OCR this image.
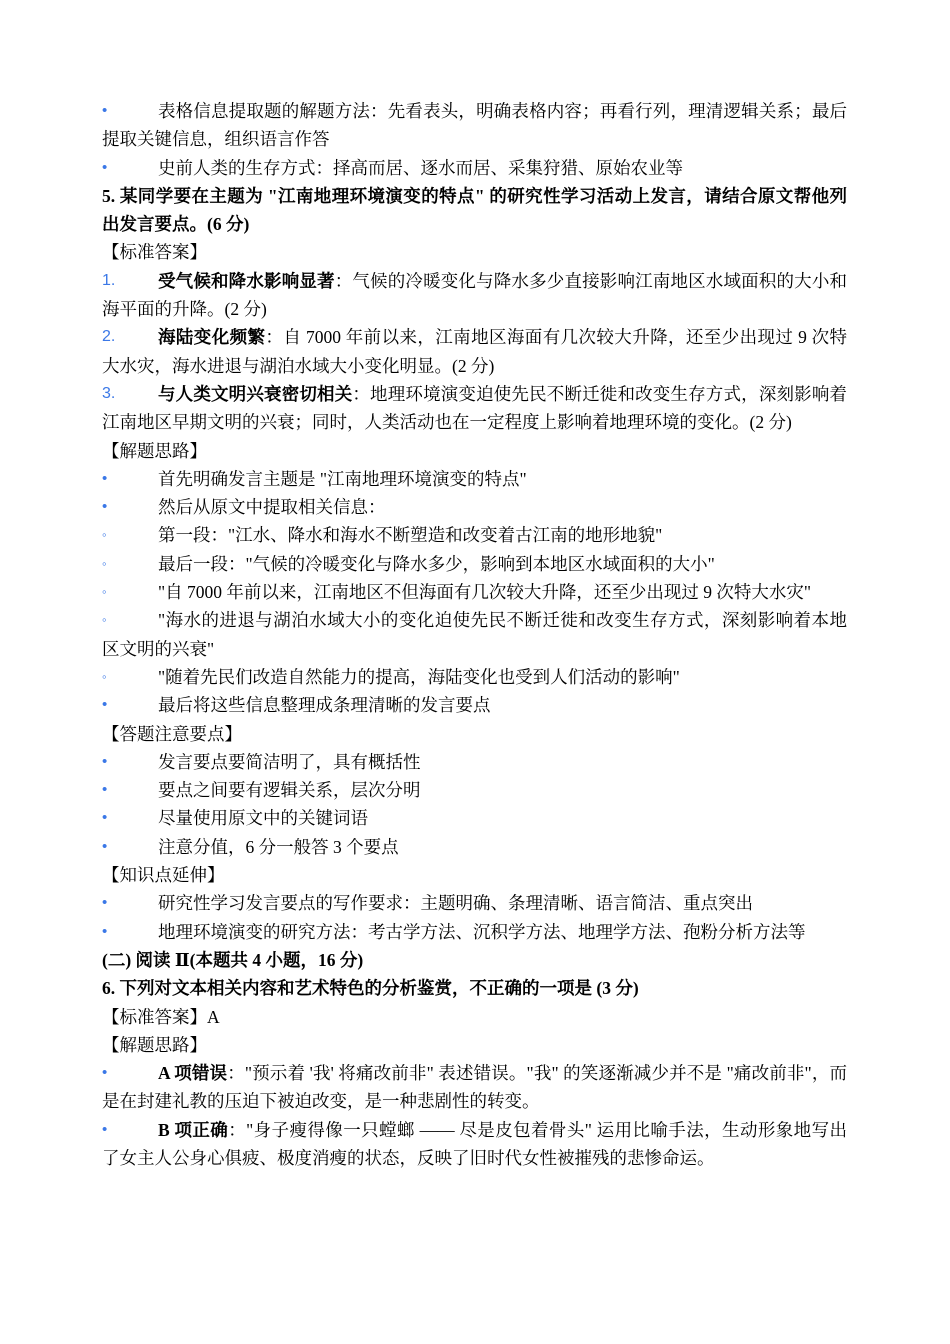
•	表格信息提取题的解题方法：先看表头，明确表格内容；再看行列，理清逻辑关系；最后提取关键信息，组织语言作答

•	史前人类的生存方式：择高而居、逐水而居、采集狩猎、原始农业等

5. 某同学要在主题为 "江南地理环境演变的特点" 的研究性学习活动上发言，请结合原文帮他列出发言要点。(6 分)

【标准答案】

1.	受气候和降水影响显著：气候的冷暖变化与降水多少直接影响江南地区水域面积的大小和海平面的升降。(2 分)

2.	海陆变化频繁：自 7000 年前以来，江南地区海面有几次较大升降，还至少出现过 9 次特大水灾，海水进退与湖泊水域大小变化明显。(2 分)

3.	与人类文明兴衰密切相关：地理环境演变迫使先民不断迁徙和改变生存方式，深刻影响着江南地区早期文明的兴衰；同时，人类活动也在一定程度上影响着地理环境的变化。(2 分)

【解题思路】

•	首先明确发言主题是 "江南地理环境演变的特点"

•	然后从原文中提取相关信息：

◦	第一段："江水、降水和海水不断塑造和改变着古江南的地形地貌"

◦	最后一段："气候的冷暖变化与降水多少，影响到本地区水域面积的大小"

◦	"自 7000 年前以来，江南地区不但海面有几次较大升降，还至少出现过 9 次特大水灾"

◦	"海水的进退与湖泊水域大小的变化迫使先民不断迁徙和改变生存方式，深刻影响着本地区文明的兴衰"

◦	"随着先民们改造自然能力的提高，海陆变化也受到人们活动的影响"

•	最后将这些信息整理成条理清晰的发言要点

【答题注意要点】

•	发言要点要简洁明了，具有概括性

•	要点之间要有逻辑关系，层次分明

•	尽量使用原文中的关键词语

•	注意分值，6 分一般答 3 个要点

【知识点延伸】

•	研究性学习发言要点的写作要求：主题明确、条理清晰、语言简洁、重点突出

•	地理环境演变的研究方法：考古学方法、沉积学方法、地理学方法、孢粉分析方法等

(二) 阅读 Ⅱ(本题共 4 小题，16 分)

6. 下列对文本相关内容和艺术特色的分析鉴赏，不正确的一项是 (3 分)

【标准答案】A

【解题思路】

•	A 项错误："预示着 '我' 将痛改前非" 表述错误。"我" 的笑逐渐减少并不是 "痛改前非"，而是在封建礼教的压迫下被迫改变，是一种悲剧性的转变。

•	B 项正确："身子瘦得像一只螳螂 —— 尽是皮包着骨头" 运用比喻手法，生动形象地写出了女主人公身心俱疲、极度消瘦的状态，反映了旧时代女性被摧残的悲惨命运。
